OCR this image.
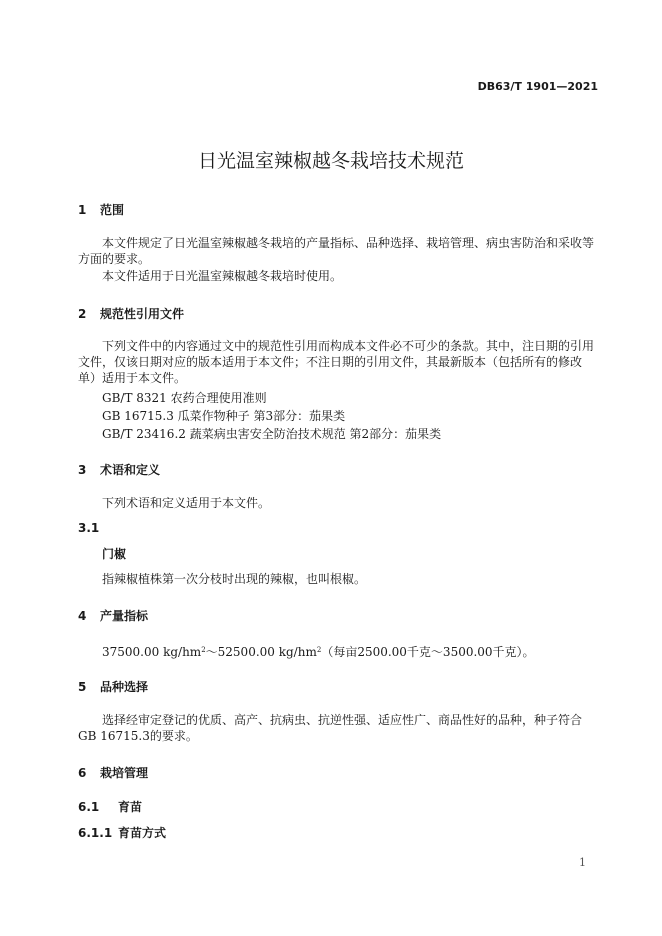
DB63/T 1901—2021
日光温室辣椒越冬栽培技术规范
1 范围
本文件规定了日光温室辣椒越冬栽培的产量指标、品种选择、栽培管理、病虫害防治和采收等方面的要求。
本文件适用于日光温室辣椒越冬栽培时使用。
2 规范性引用文件
下列文件中的内容通过文中的规范性引用而构成本文件必不可少的条款。其中，注日期的引用文件，仅该日期对应的版本适用于本文件；不注日期的引用文件，其最新版本（包括所有的修改单）适用于本文件。
GB/T 8321 农药合理使用准则
GB 16715.3 瓜菜作物种子 第3部分：茄果类
GB/T 23416.2 蔬菜病虫害安全防治技术规范 第2部分：茄果类
3 术语和定义
下列术语和定义适用于本文件。
3.1
门椒
指辣椒植株第一次分枝时出现的辣椒，也叫根椒。
4 产量指标
37500.00 $kg/hm^2\sim 52500.00$ $kg/hm^2$（每亩2500.00千克～3500.00千克）。
5 品种选择
选择经审定登记的优质、高产、抗病虫、抗逆性强、适应性广、商品性好的品种，种子符合GB 16715.3的要求。
6 栽培管理
6.1 育苗
6.1.1 育苗方式
1
